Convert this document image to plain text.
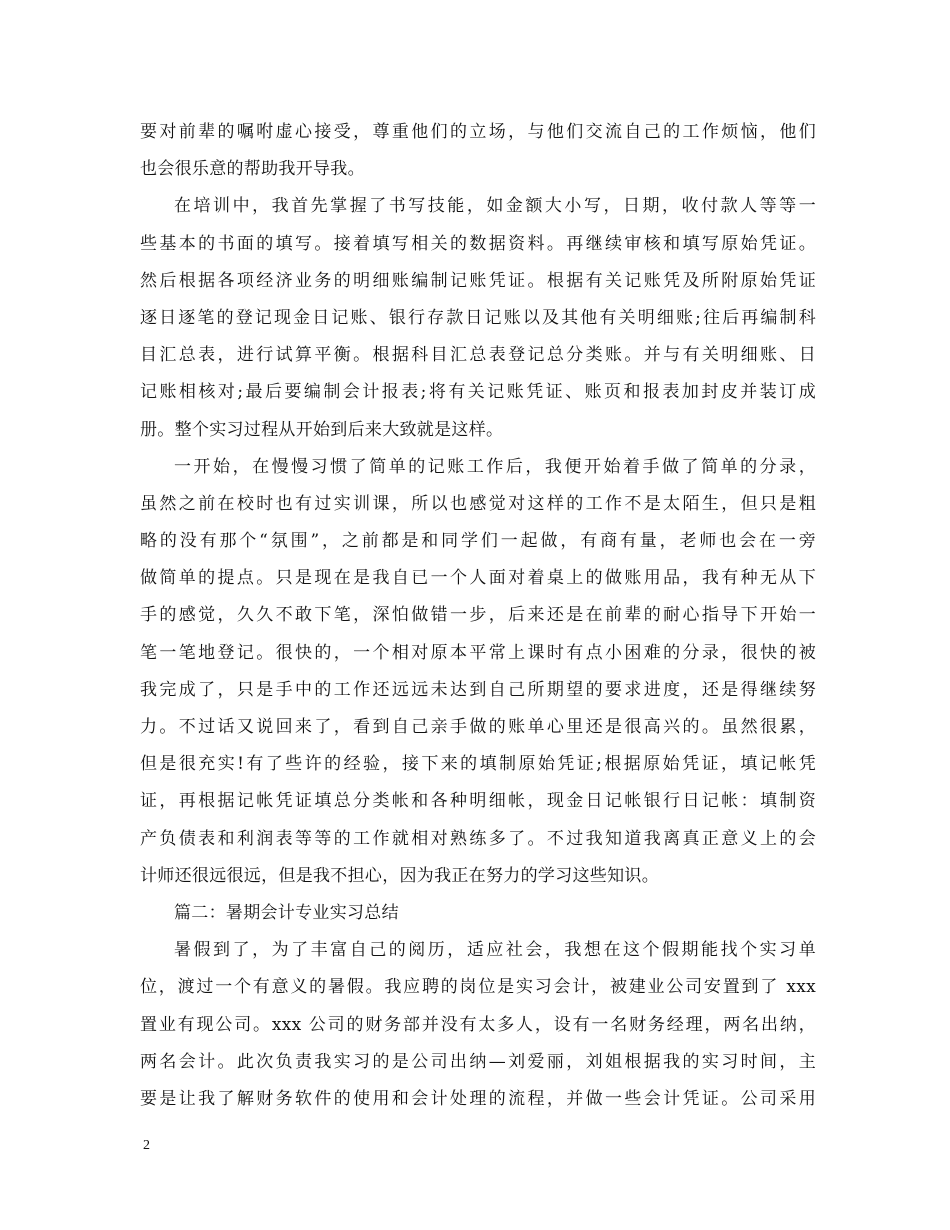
要对前辈的嘱咐虚心接受，尊重他们的立场，与他们交流自己的工作烦恼，他们
也会很乐意的帮助我开导我。
在培训中，我首先掌握了书写技能，如金额大小写，日期，收付款人等等一
些基本的书面的填写。接着填写相关的数据资料。再继续审核和填写原始凭证。
然后根据各项经济业务的明细账编制记账凭证。根据有关记账凭及所附原始凭证
逐日逐笔的登记现金日记账、银行存款日记账以及其他有关明细账;往后再编制科
目汇总表，进行试算平衡。根据科目汇总表登记总分类账。并与有关明细账、日
记账相核对;最后要编制会计报表;将有关记账凭证、账页和报表加封皮并装订成
册。整个实习过程从开始到后来大致就是这样。
一开始，在慢慢习惯了简单的记账工作后，我便开始着手做了简单的分录，
虽然之前在校时也有过实训课，所以也感觉对这样的工作不是太陌生，但只是粗
略的没有那个“氛围”，之前都是和同学们一起做，有商有量，老师也会在一旁
做简单的提点。只是现在是我自已一个人面对着桌上的做账用品，我有种无从下
手的感觉，久久不敢下笔，深怕做错一步，后来还是在前辈的耐心指导下开始一
笔一笔地登记。很快的，一个相对原本平常上课时有点小困难的分录，很快的被
我完成了，只是手中的工作还远远未达到自己所期望的要求进度，还是得继续努
力。不过话又说回来了，看到自己亲手做的账单心里还是很高兴的。虽然很累，
但是很充实!有了些许的经验，接下来的填制原始凭证;根据原始凭证，填记帐凭
证，再根据记帐凭证填总分类帐和各种明细帐，现金日记帐银行日记帐：填制资
产负债表和利润表等等的工作就相对熟练多了。不过我知道我离真正意义上的会
计师还很远很远，但是我不担心，因为我正在努力的学习这些知识。
篇二：暑期会计专业实习总结
暑假到了，为了丰富自己的阅历，适应社会，我想在这个假期能找个实习单
位，渡过一个有意义的暑假。我应聘的岗位是实习会计，被建业公司安置到了 xxx
置业有现公司。xxx 公司的财务部并没有太多人，设有一名财务经理，两名出纳，
两名会计。此次负责我实习的是公司出纳—刘爱丽，刘姐根据我的实习时间，主
要是让我了解财务软件的使用和会计处理的流程，并做一些会计凭证。公司采用
2
